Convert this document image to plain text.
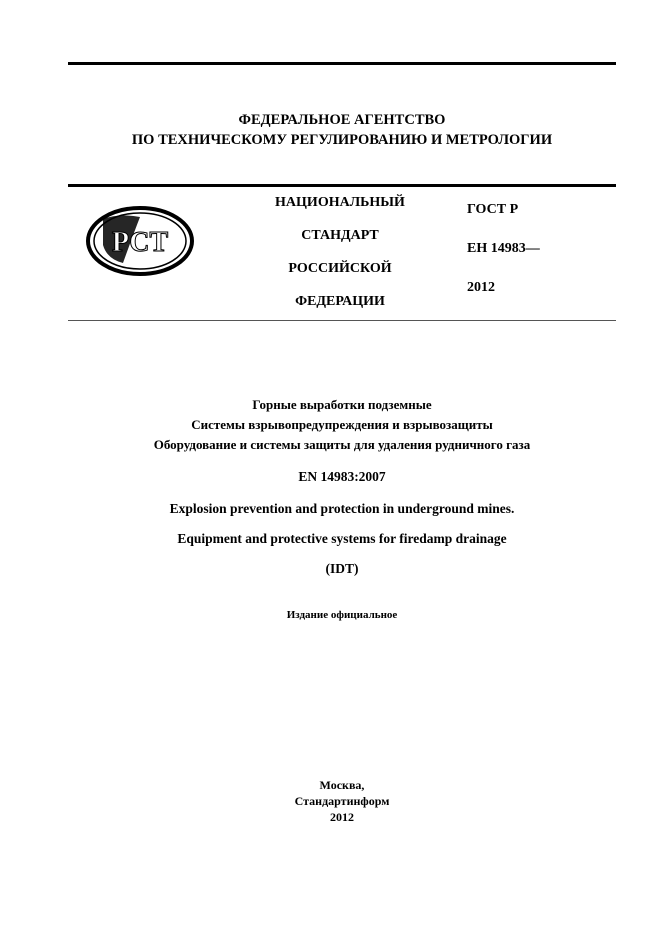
ФЕДЕРАЛЬНОЕ АГЕНТСТВО
ПО ТЕХНИЧЕСКОМУ РЕГУЛИРОВАНИЮ И МЕТРОЛОГИИ
РСТ
НАЦИОНАЛЬНЫЙ
СТАНДАРТ
РОССИЙСКОЙ
ФЕДЕРАЦИИ
ГОСТ Р
ЕН 14983—
2012
Горные выработки подземные
Системы взрывопредупреждения и взрывозащиты
Оборудование и системы защиты для удаления рудничного газа
EN 14983:2007
Explosion prevention and protection in underground mines.
Equipment and protective systems for firedamp drainage
(IDT)
Издание официальное
Москва,
Стандартинформ
2012
